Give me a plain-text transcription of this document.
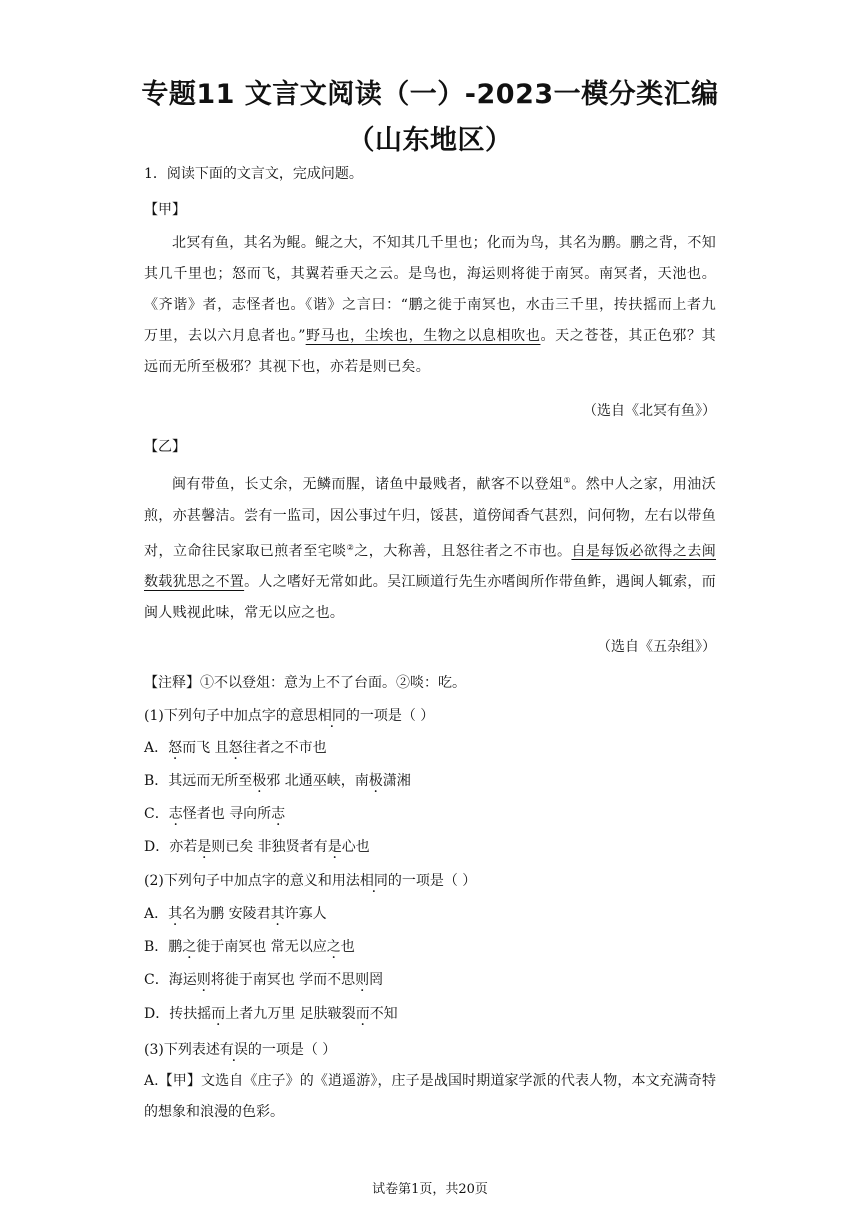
专题11 文言文阅读（一）-2023一模分类汇编（山东地区）
1．阅读下面的文言文，完成问题。
【甲】
北冥有鱼，其名为鲲。鲲之大，不知其几千里也；化而为鸟，其名为鹏。鹏之背，不知其几千里也；怒而飞，其翼若垂天之云。是鸟也，海运则将徙于南冥。南冥者，天池也。《齐谐》者，志怪者也。《谐》之言曰：“鹏之徙于南冥也，水击三千里，抟扶摇而上者九万里，去以六月息者也。”野马也，尘埃也，生物之以息相吹也。天之苍苍，其正色邪？其远而无所至极邪？其视下也，亦若是则已矣。
（选自《北冥有鱼》）
【乙】
闽有带鱼，长丈余，无鳞而腥，诸鱼中最贱者，献客不以登俎①。然中人之家，用油沃煎，亦甚馨洁。尝有一监司，因公事过午归，馁甚，道傍闻香气甚烈，问何物，左右以带鱼对，立命往民家取已煎者至宅啖②之，大称善，且怒往者之不市也。自是每饭必欲得之去闽数载犹思之不置。人之嗜好无常如此。吴江顾道行先生亦嗜闽所作带鱼鲊，遇闽人辄索，而闽人贱视此味，常无以应之也。
（选自《五杂组》）
【注释】①不以登俎：意为上不了台面。②啖：吃。
(1)下列句子中加点字的意思相同的一项是（ ）
A．怒而飞 且怒往者之不市也
B．其远而无所至极邪 北通巫峡，南极潇湘
C．志怪者也 寻向所志
D．亦若是则已矣 非独贤者有是心也
(2)下列句子中加点字的意义和用法相同的一项是（ ）
A．其名为鹏 安陵君其许寡人
B．鹏之徙于南冥也 常无以应之也
C．海运则将徙于南冥也 学而不思则罔
D．抟扶摇而上者九万里 足肤皲裂而不知
(3)下列表述有误的一项是（ ）
A.【甲】文选自《庄子》的《逍遥游》，庄子是战国时期道家学派的代表人物，本文充满奇特的想象和浪漫的色彩。
试卷第1页，共20页
